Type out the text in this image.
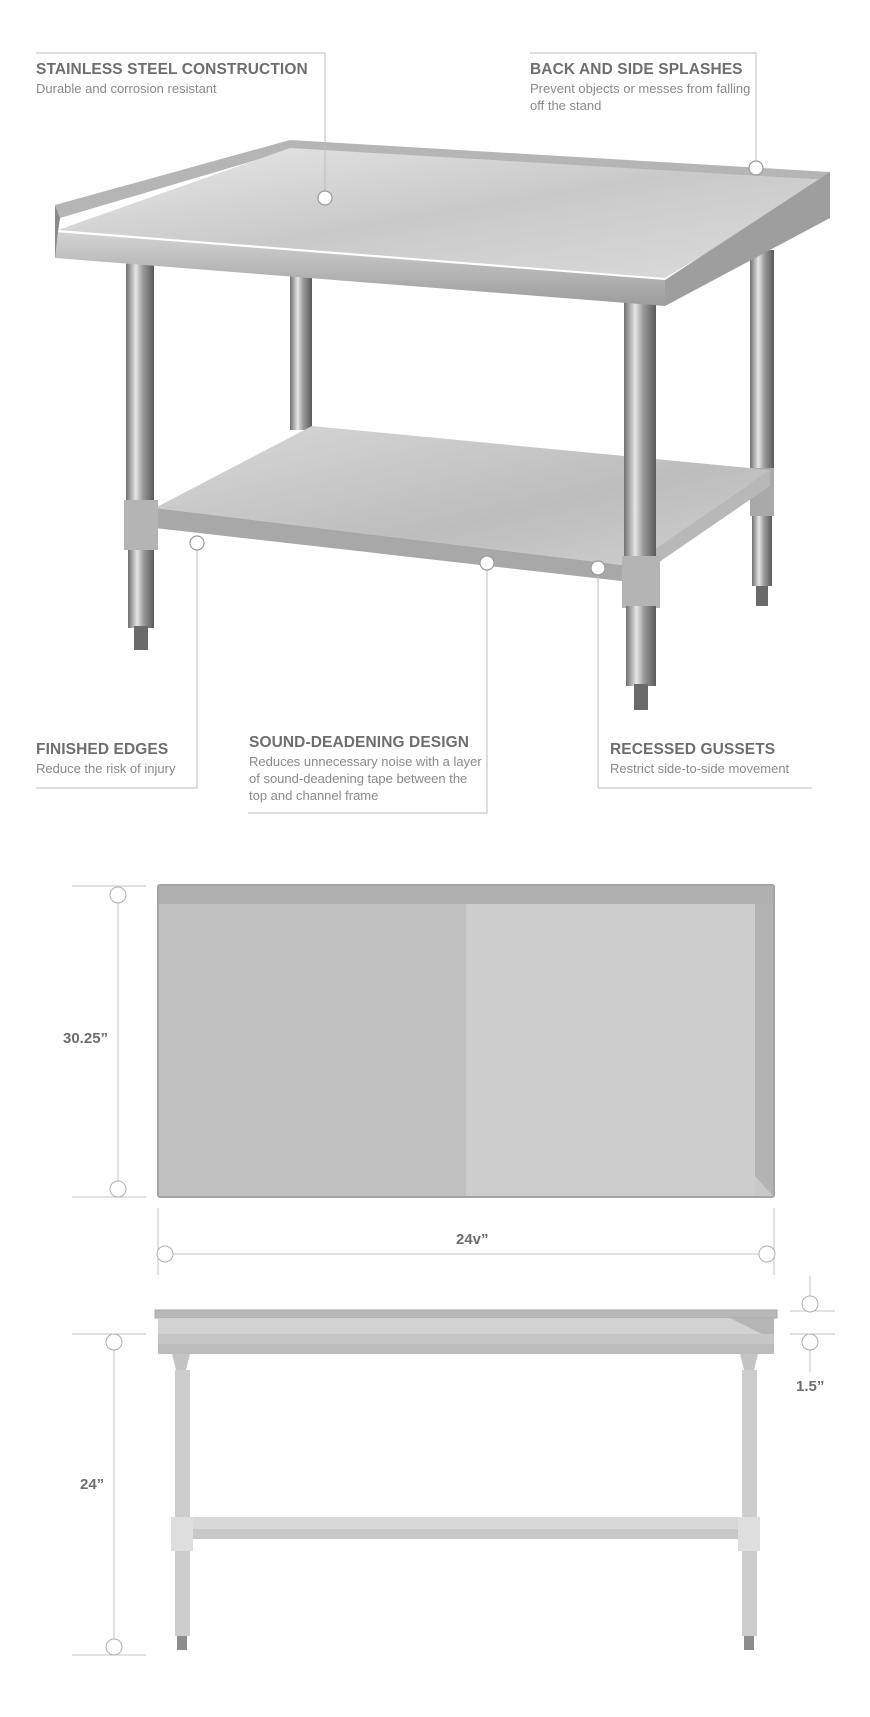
STAINLESS STEEL CONSTRUCTION
Durable and corrosion resistant
BACK AND SIDE SPLASHES
Prevent objects or messes from falling off the stand
FINISHED EDGES
Reduce the risk of injury
SOUND-DEADENING DESIGN
Reduces unnecessary noise with a layer of sound-deadening tape between the top and channel frame
RECESSED GUSSETS
Restrict side-to-side movement
30.25”
24v”
24”
1.5”
